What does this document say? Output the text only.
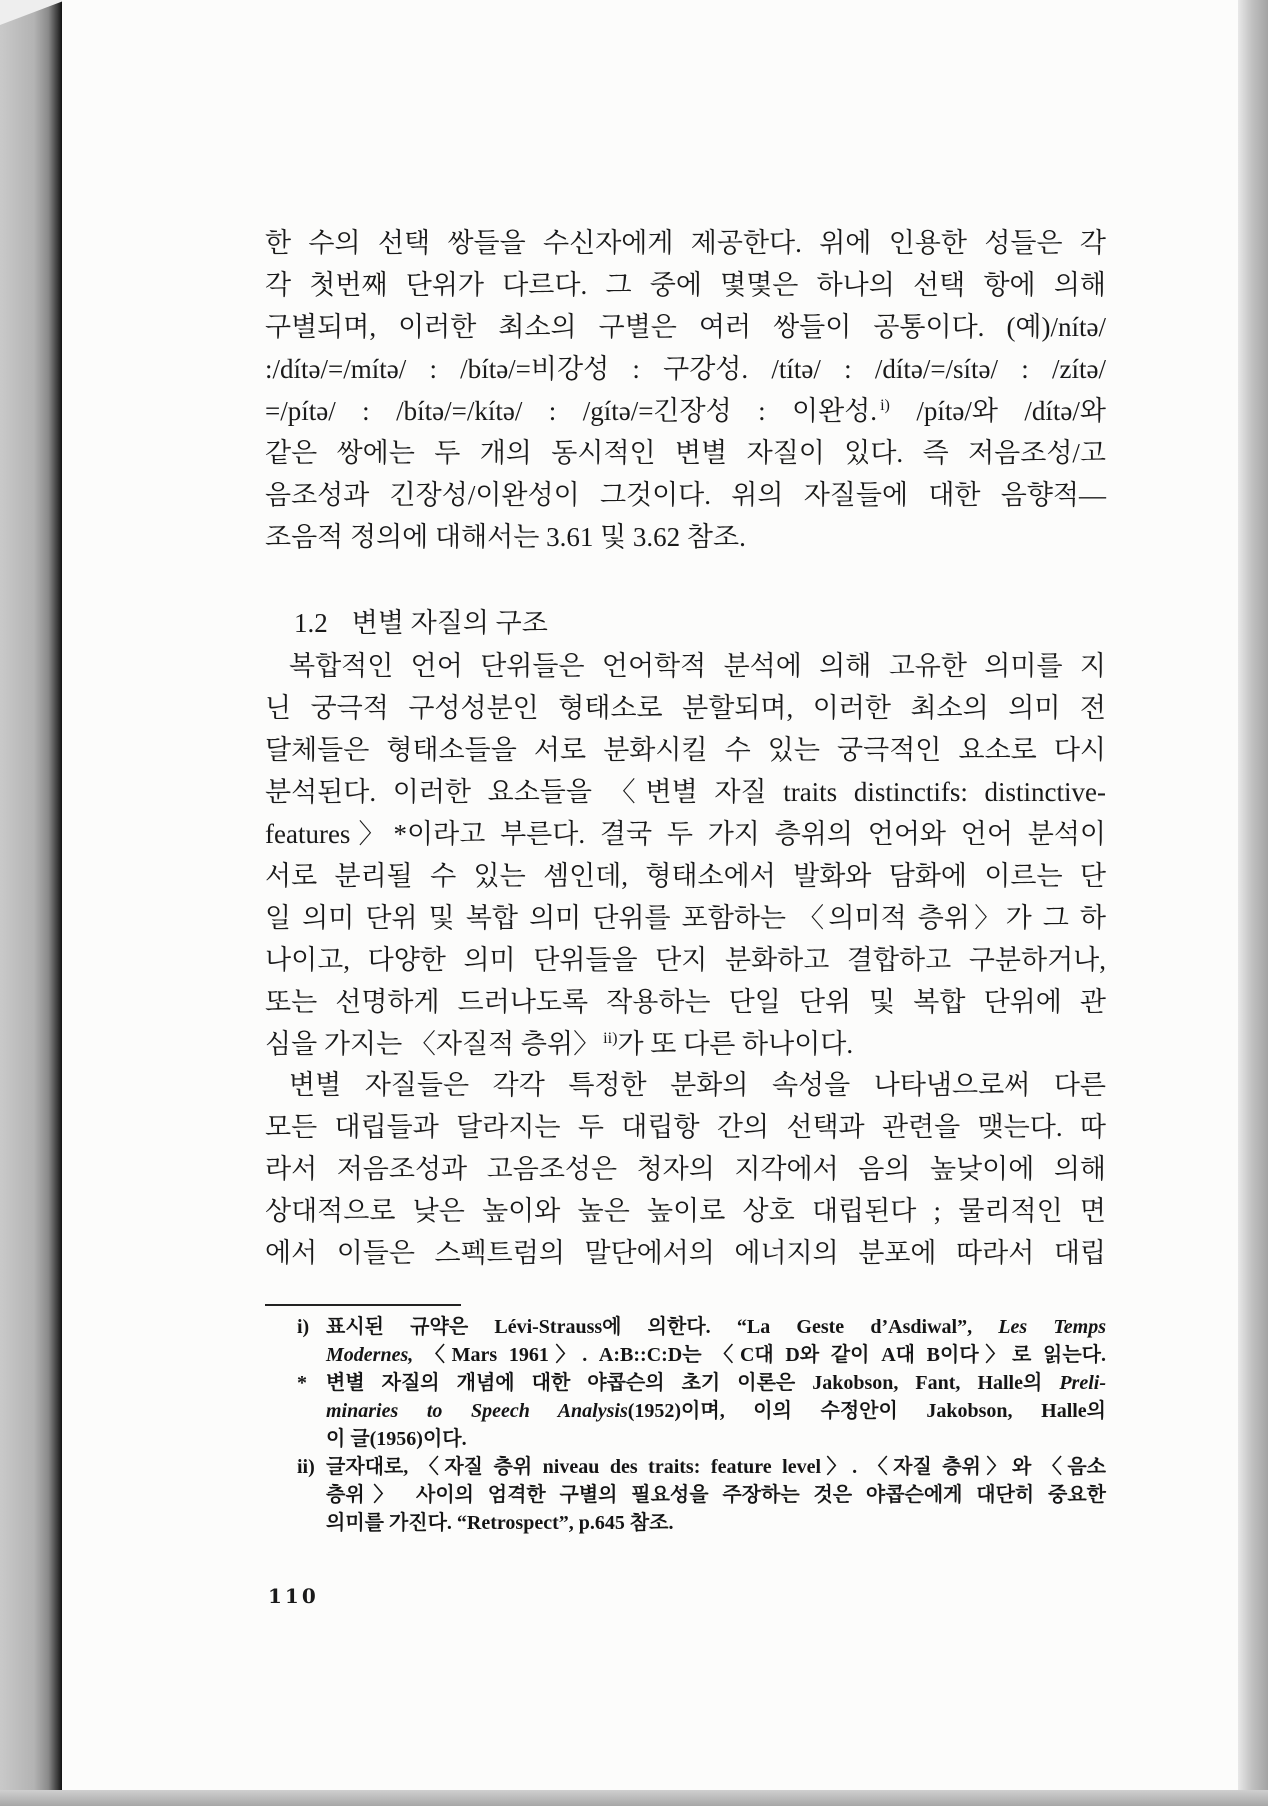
한 수의 선택 쌍들을 수신자에게 제공한다. 위에 인용한 성들은 각
각 첫번째 단위가 다르다. 그 중에 몇몇은 하나의 선택 항에 의해
구별되며, 이러한 최소의 구별은 여러 쌍들이 공통이다. (예)/nítə/
:/dítə/=/mítə/ : /bítə/=비강성 : 구강성. /títə/ : /dítə/=/sítə/ : /zítə/
=/pítə/ : /bítə/=/kítə/ : /gítə/=긴장성 : 이완성. $^{i)}$ /pítə/와 /dítə/와
같은 쌍에는 두 개의 동시적인 변별 자질이 있다. 즉 저음조성/고
음조성과 긴장성/이완성이 그것이다. 위의 자질들에 대한 음향적—
조음적 정의에 대해서는 3.61 및 3.62 참조.
1.2 변별 자질의 구조
복합적인 언어 단위들은 언어학적 분석에 의해 고유한 의미를 지
닌 궁극적 구성성분인 형태소로 분할되며, 이러한 최소의 의미 전
달체들은 형태소들을 서로 분화시킬 수 있는 궁극적인 요소로 다시
분석된다. 이러한 요소들을 〈변별 자질 traits distinctifs: distinctive-
features〉*이라고 부른다. 결국 두 가지 층위의 언어와 언어 분석이
서로 분리될 수 있는 셈인데, 형태소에서 발화와 담화에 이르는 단
일 의미 단위 및 복합 의미 단위를 포함하는 〈의미적 층위〉가 그 하
나이고, 다양한 의미 단위들을 단지 분화하고 결합하고 구분하거나,
또는 선명하게 드러나도록 작용하는 단일 단위 및 복합 단위에 관
심을 가지는 〈자질적 층위〉 $^{ii)}$가 또 다른 하나이다.
변별 자질들은 각각 특정한 분화의 속성을 나타냄으로써 다른
모든 대립들과 달라지는 두 대립항 간의 선택과 관련을 맺는다. 따
라서 저음조성과 고음조성은 청자의 지각에서 음의 높낮이에 의해
상대적으로 낮은 높이와 높은 높이로 상호 대립된다 ; 물리적인 면
에서 이들은 스펙트럼의 말단에서의 에너지의 분포에 따라서 대립
i) 표시된 규약은 Lévi-Strauss에 의한다. “La Geste d’Asdiwal”, Les Temps
Modernes, 〈Mars 1961〉. A:B::C:D는 〈C대 D와 같이 A대 B이다〉로 읽는다.
* 변별 자질의 개념에 대한 야콥슨의 초기 이론은 Jakobson, Fant, Halle의 Preli-
minaries to Speech Analysis(1952)이며, 이의 수정안이 Jakobson, Halle의
이 글(1956)이다.
ii) 글자대로, 〈자질 층위 niveau des traits: feature level〉. 〈자질 층위〉와 〈음소
층위〉 사이의 엄격한 구별의 필요성을 주장하는 것은 야콥슨에게 대단히 중요한
의미를 가진다. “Retrospect”, p.645 참조.
110
